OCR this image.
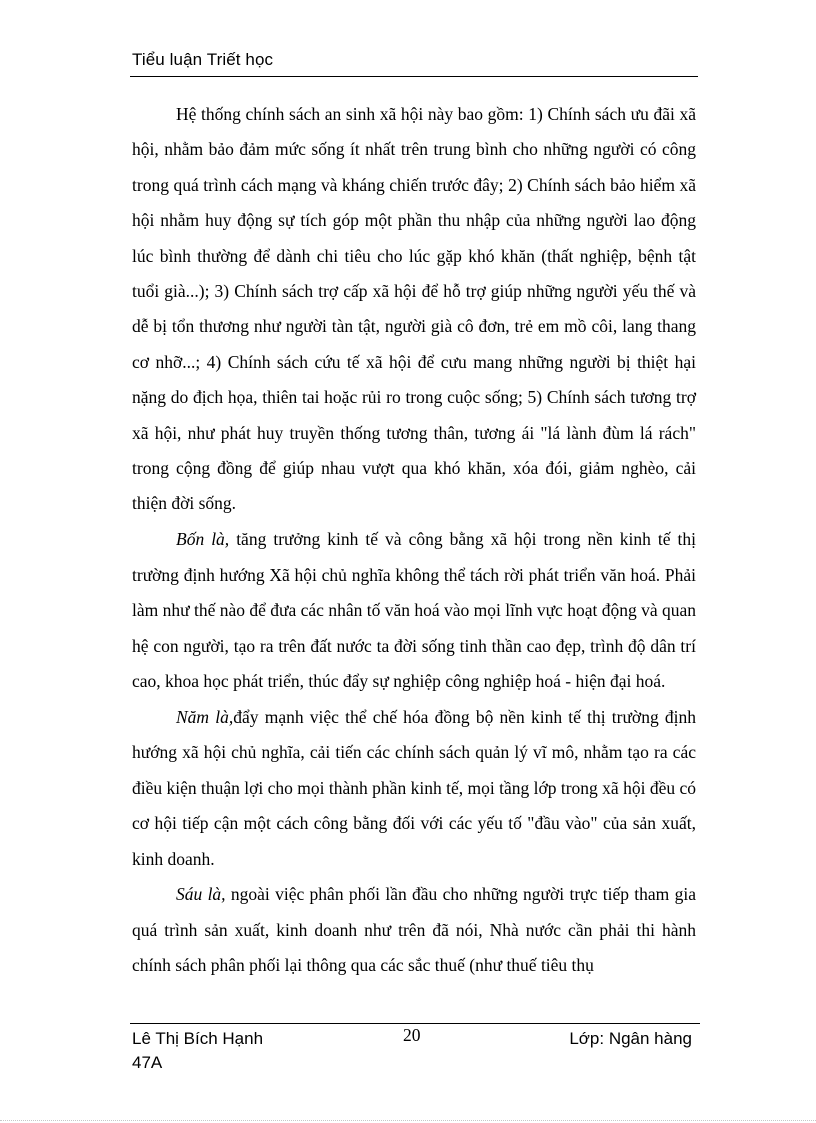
Tiểu luận Triết học

Hệ thống chính sách an sinh xã hội này bao gồm: 1) Chính sách ưu đãi xã hội, nhằm bảo đảm mức sống ít nhất trên trung bình cho những người có công trong quá trình cách mạng và kháng chiến trước đây; 2) Chính sách bảo hiểm xã hội nhằm huy động sự tích góp một phần thu nhập của những người lao động lúc bình thường để dành chi tiêu cho lúc gặp khó khăn (thất nghiệp, bệnh tật tuổi già...); 3) Chính sách trợ cấp xã hội để hỗ trợ giúp những người yếu thế và dễ bị tổn thương như người tàn tật, người già cô đơn, trẻ em mồ côi, lang thang cơ nhỡ...; 4) Chính sách cứu tế xã hội để cưu mang những người bị thiệt hại nặng do địch họa, thiên tai hoặc rủi ro trong cuộc sống; 5) Chính sách tương trợ xã hội, như phát huy truyền thống tương thân, tương ái "lá lành đùm lá rách" trong cộng đồng để giúp nhau vượt qua khó khăn, xóa đói, giảm nghèo, cải thiện đời sống.

Bốn là, tăng trưởng kinh tế và công bằng xã hội trong nền kinh tế thị trường định hướng Xã hội chủ nghĩa không thể tách rời phát triển văn hoá. Phải làm như thế nào để đưa các nhân tố văn hoá vào mọi lĩnh vực hoạt động và quan hệ con người, tạo ra trên đất nước ta đời sống tinh thần cao đẹp, trình độ dân trí cao, khoa học phát triển, thúc đẩy sự nghiệp công nghiệp hoá - hiện đại hoá.

Năm là,đẩy mạnh việc thể chế hóa đồng bộ nền kinh tế thị trường định hướng xã hội chủ nghĩa, cải tiến các chính sách quản lý vĩ mô, nhằm tạo ra các điều kiện thuận lợi cho mọi thành phần kinh tế, mọi tầng lớp trong xã hội đều có cơ hội tiếp cận một cách công bằng đối với các yếu tố "đầu vào" của sản xuất, kinh doanh.

Sáu là, ngoài việc phân phối lần đầu cho những người trực tiếp tham gia quá trình sản xuất, kinh doanh như trên đã nói, Nhà nước cần phải thi hành chính sách phân phối lại thông qua các sắc thuế (như thuế tiêu thụ

Lê Thị Bích Hạnh
47A
20	Lớp: Ngân hàng
